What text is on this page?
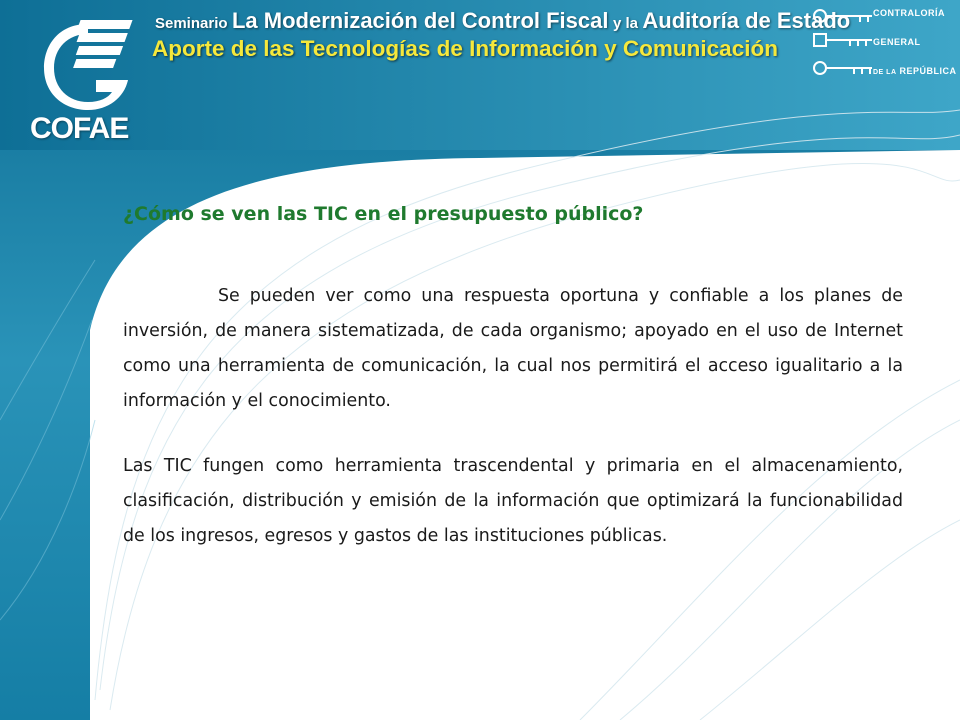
COFAE
Seminario La Modernización del Control Fiscal y la Auditoría de Estado
Aporte de las Tecnologías de Información y Comunicación
CONTRALORÍA
GENERAL
DE LA REPÚBLICA
¿Cómo se ven las TIC en el presupuesto público?

Se pueden ver como una respuesta oportuna y confiable a los planes de inversión, de manera sistematizada, de cada organismo; apoyado en el uso de Internet como una herramienta de comunicación, la cual nos permitirá el acceso igualitario a la información y el conocimiento.

Las TIC fungen como herramienta trascendental y primaria en el almacenamiento, clasificación, distribución y emisión de la información que optimizará la funcionabilidad de los ingresos, egresos y gastos de las instituciones públicas.
